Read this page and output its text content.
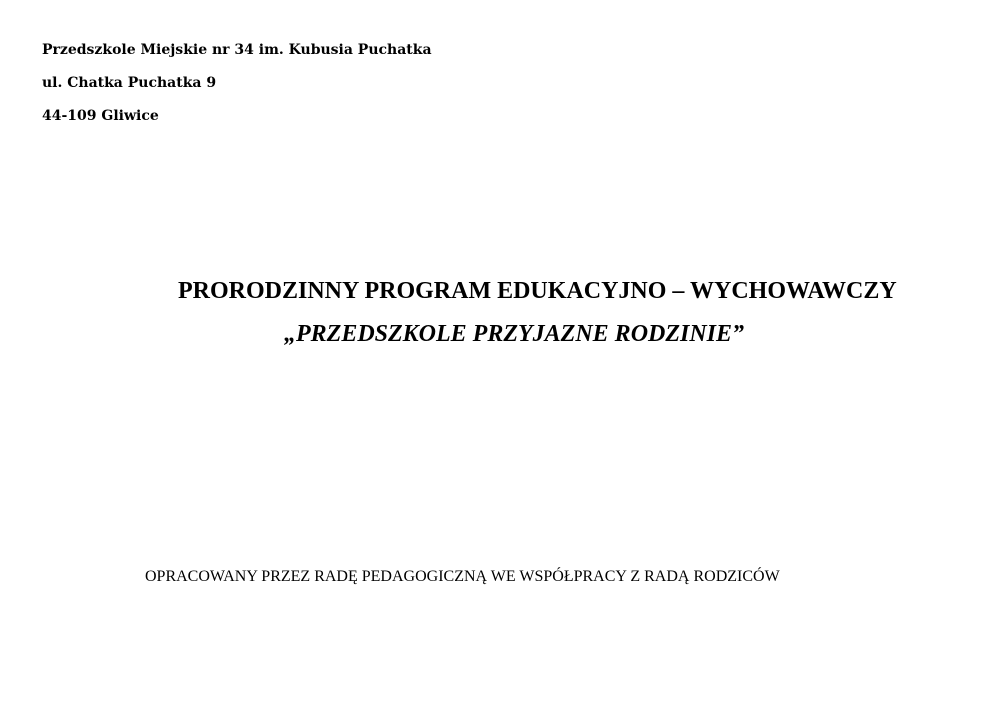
Przedszkole Miejskie nr 34 im. Kubusia Puchatka

ul. Chatka Puchatka 9

44-109 Gliwice

PRORODZINNY PROGRAM EDUKACYJNO – WYCHOWAWCZY

„PRZEDSZKOLE PRZYJAZNE RODZINIE”

OPRACOWANY PRZEZ RADĘ PEDAGOGICZNĄ WE WSPÓŁPRACY Z RADĄ RODZICÓW
